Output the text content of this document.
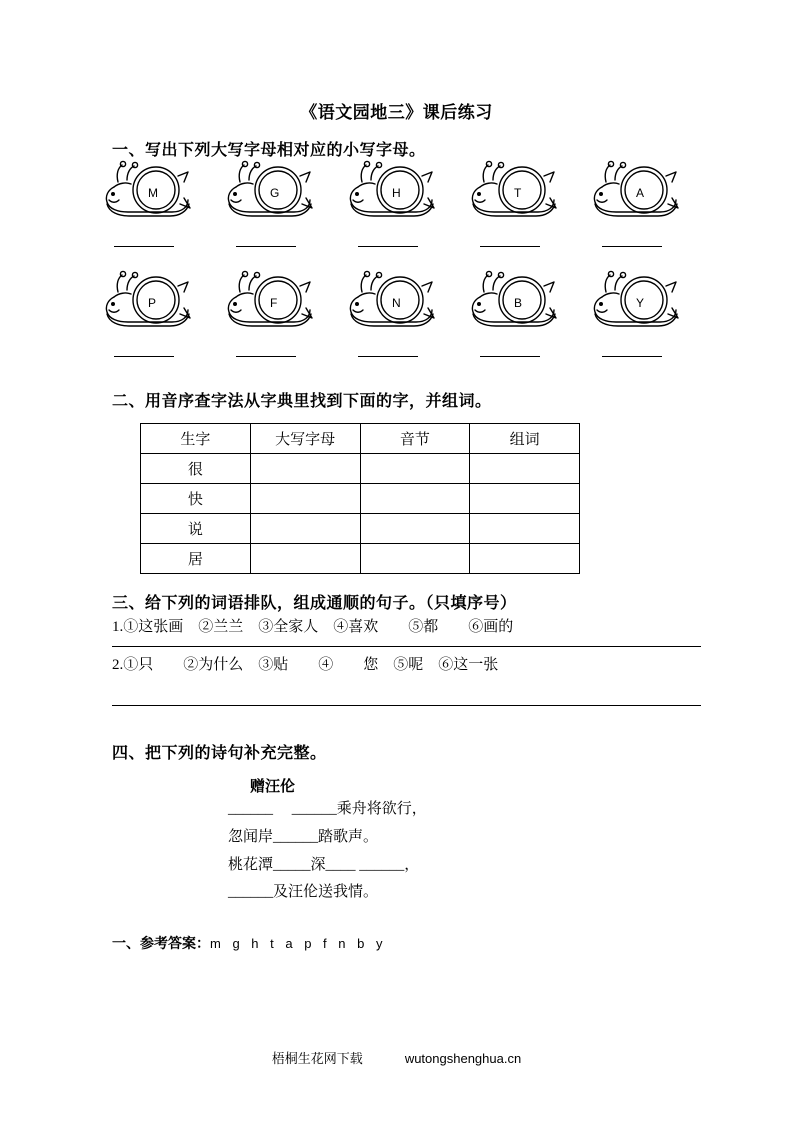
《语文园地三》课后练习
一、写出下列大写字母相对应的小写字母。
M	G	H	T	A
P	F	N	B	Y
二、用音序查字法从字典里找到下面的字，并组词。
生字	大写字母	音节	组词
很			
快			
说			
居			
三、给下列的词语排队，组成通顺的句子。（只填序号）
1.①这张画　②兰兰　③全家人　④喜欢　　⑤都　　⑥画的
2.①只　　②为什么　③贴　　④　　您　⑤呢　⑥这一张
四、把下列的诗句补充完整。
赠汪伦
______　 ______乘舟将欲行，
忽闻岸______踏歌声。
桃花潭_____深____ ______，
______及汪伦送我情。
一、参考答案：m g h t a p f n b y
梧桐生花网下载	wutongshenghua.cn
